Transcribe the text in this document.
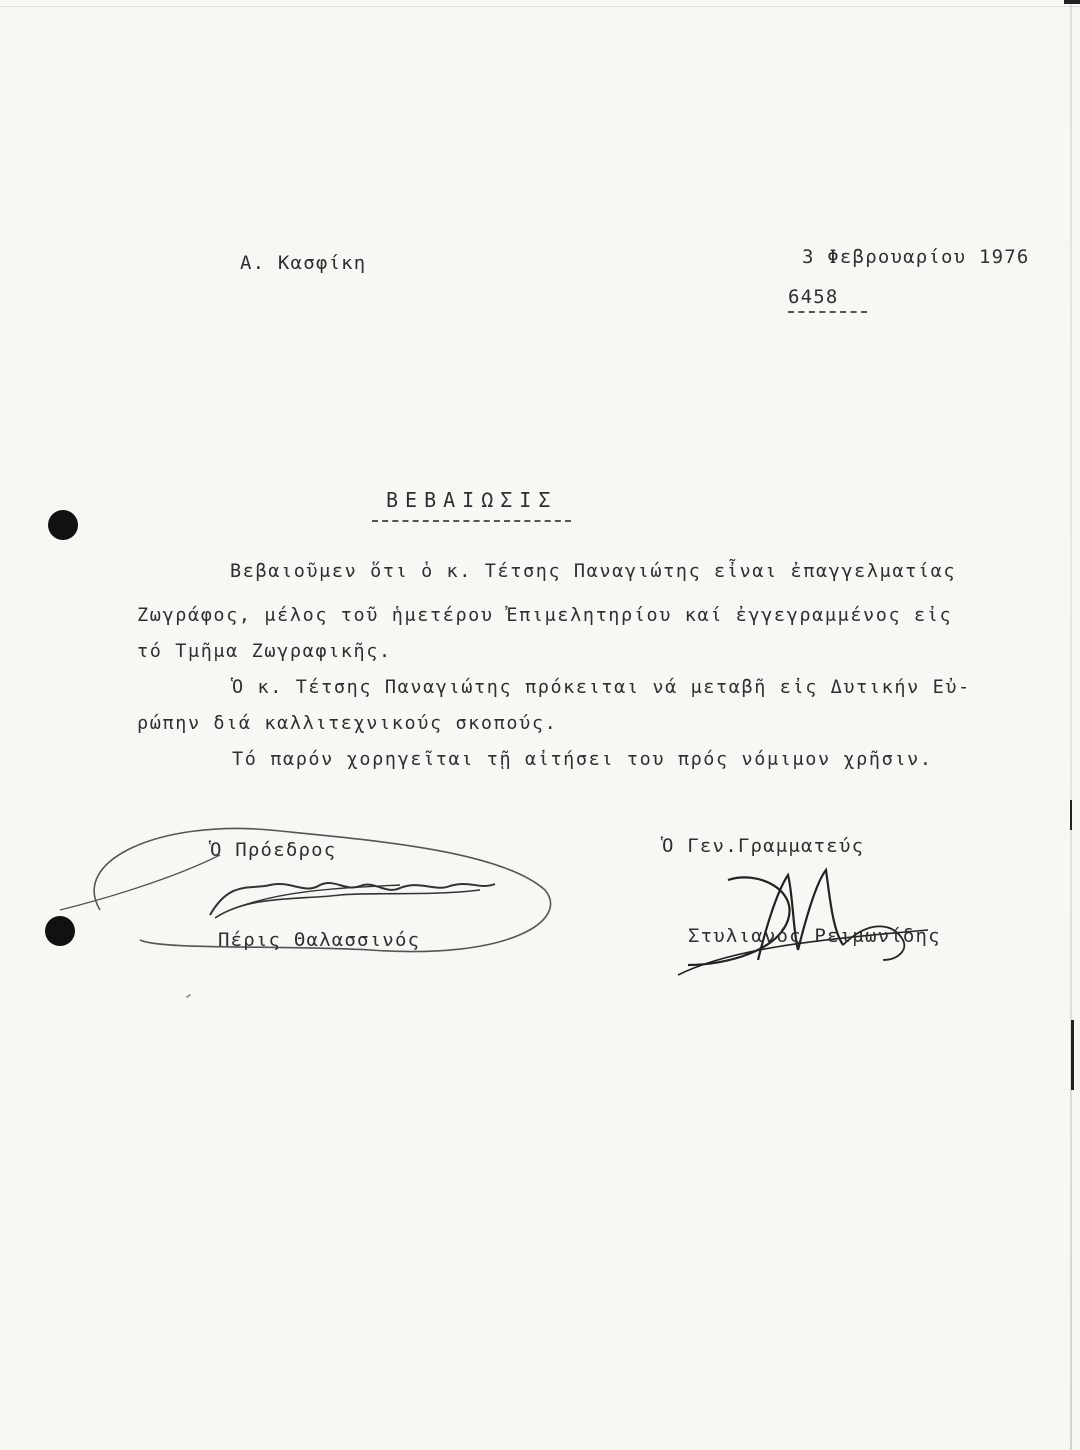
Α. Κασφίκη	3 Φεβρουαρίου 1976
6458
ΒΕΒΑΙΩΣΙΣ
Βεβαιοῦμεν ὅτι ὁ κ. Τέτσης Παναγιώτης εἶναι ἐπαγγελματίας
Ζωγράφος, μέλος τοῦ ἡμετέρου Ἐπιμελητηρίου καί ἐγγεγραμμένος εἰς
τό Τμῆμα Ζωγραφικῆς.
Ὁ κ. Τέτσης Παναγιώτης πρόκειται νά μεταβῆ εἰς Δυτικήν Εὐ-
ρώπην διά καλλιτεχνικούς σκοπούς.
Τό παρόν χορηγεῖται τῇ αἰτήσει του πρός νόμιμον χρῆσιν.
Ὁ Πρόεδρος	Ὁ Γεν.Γραμματεύς
Πέρις Θαλασσινός	Στυλιανός Ρειμωνίδης
